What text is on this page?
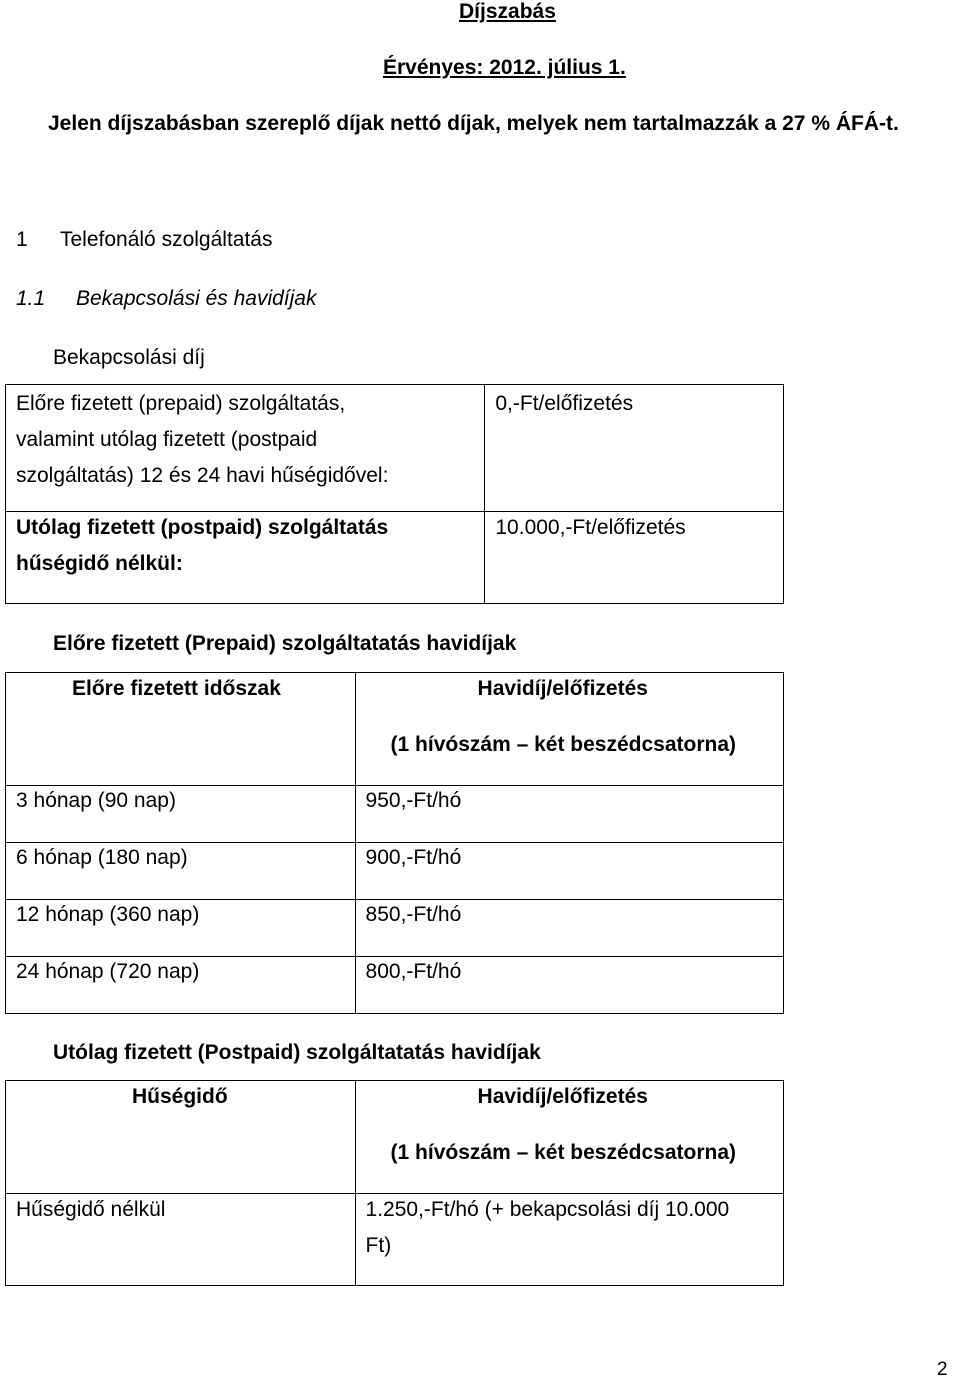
Díjszabás
Érvényes: 2012. július 1.
Jelen díjszabásban szereplő díjak nettó díjak, melyek nem tartalmazzák a 27 % ÁFÁ-t.
1 Telefonáló szolgáltatás
1.1 Bekapcsolási és havidíjak
Bekapcsolási díj
Előre fizetett (prepaid) szolgáltatás,
valamint utólag fizetett (postpaid
szolgáltatás) 12 és 24 havi hűségidővel:	0,-Ft/előfizetés

Utólag fizetett (postpaid) szolgáltatás
hűségidő nélkül:	10.000,-Ft/előfizetés
Előre fizetett (Prepaid) szolgáltatatás havidíjak
Előre fizetett időszak	Havidíj/előfizetés
(1 hívószám – két beszédcsatorna)

3 hónap (90 nap)	950,-Ft/hó

6 hónap (180 nap)	900,-Ft/hó

12 hónap (360 nap)	850,-Ft/hó

24 hónap (720 nap)	800,-Ft/hó
Utólag fizetett (Postpaid) szolgáltatatás havidíjak
Hűségidő	Havidíj/előfizetés
(1 hívószám – két beszédcsatorna)

Hűségidő nélkül	1.250,-Ft/hó (+ bekapcsolási díj 10.000
Ft)
2
